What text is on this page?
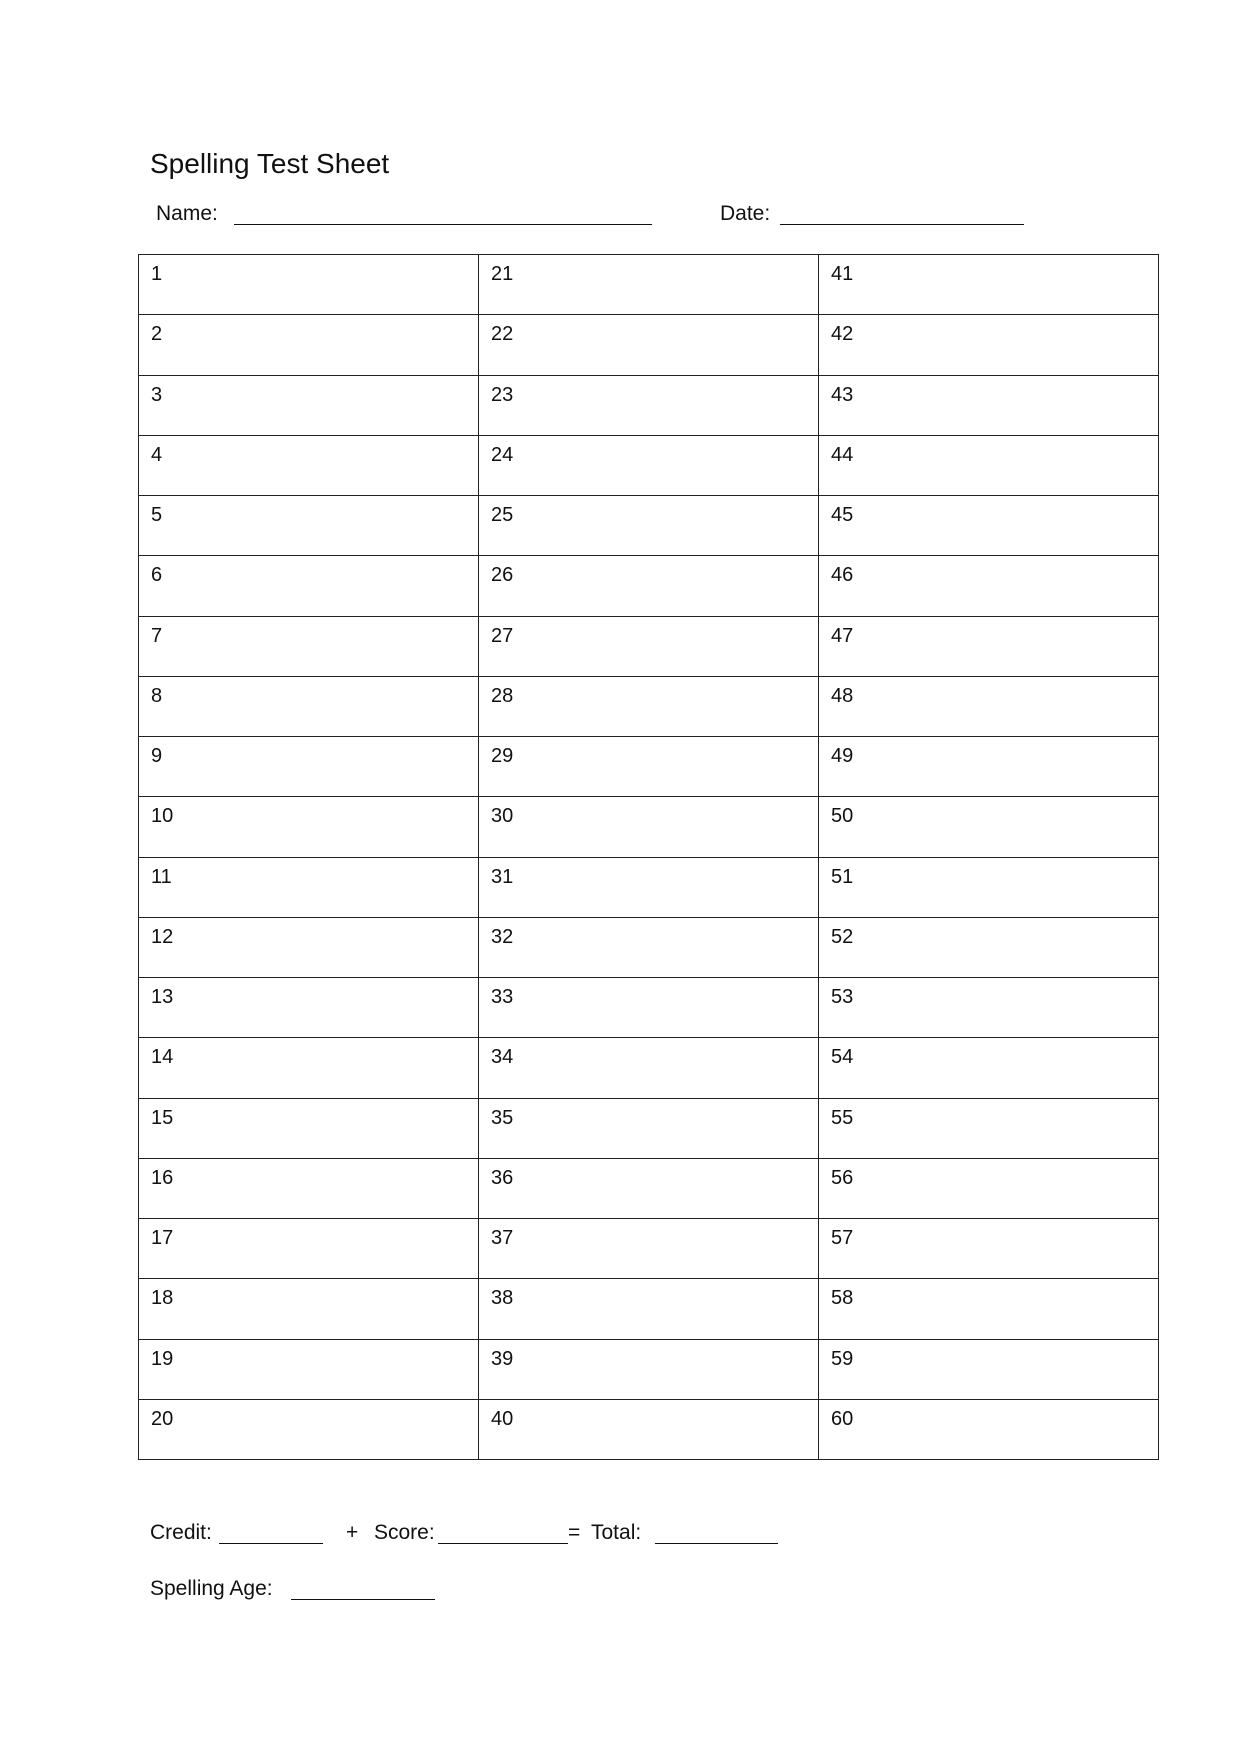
Spelling Test Sheet
Name:	Date:
1	21	41
2	22	42
3	23	43
4	24	44
5	25	45
6	26	46
7	27	47
8	28	48
9	29	49
10	30	50
11	31	51
12	32	52
13	33	53
14	34	54
15	35	55
16	36	56
17	37	57
18	38	58
19	39	59
20	40	60
Credit:	+ Score:	= Total:
Spelling Age:
